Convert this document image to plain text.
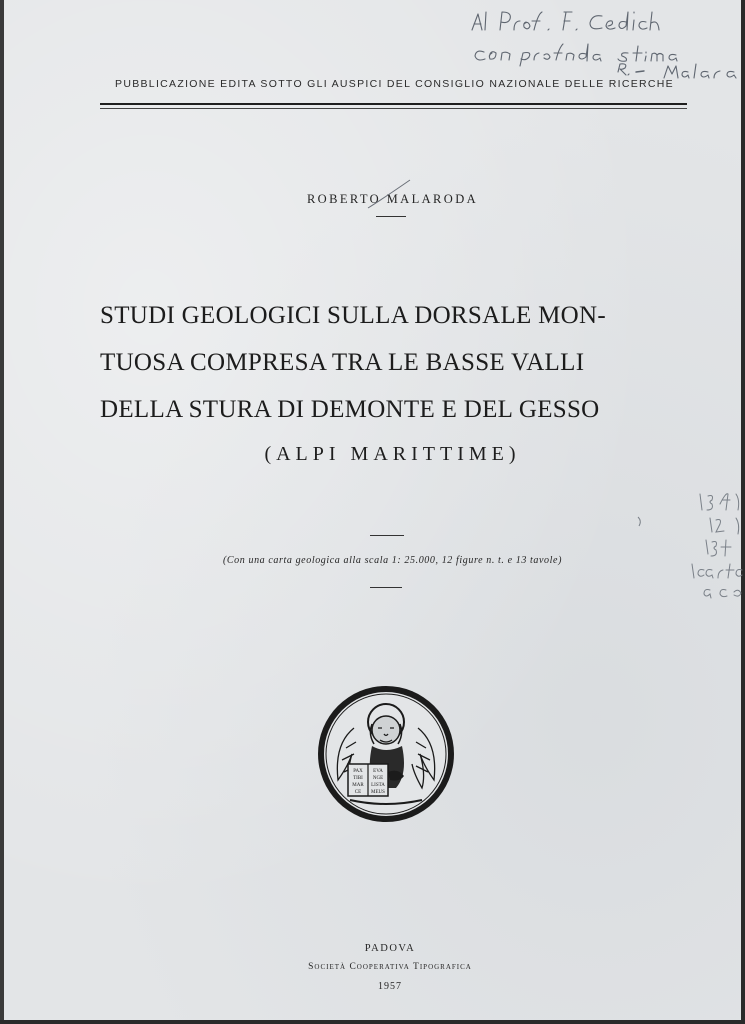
PUBBLICAZIONE EDITA SOTTO GLI AUSPICI DEL CONSIGLIO NAZIONALE DELLE RICERCHE
ROBERTO MALARODA
STUDI GEOLOGICI SULLA DORSALE MON-
TUOSA COMPRESA TRA LE BASSE VALLI
DELLA STURA DI DEMONTE E DEL GESSO
(ALPI MARITTIME)
(Con una carta geologica alla scala 1: 25.000, 12 figure n. t. e 13 tavole)
PAX
TIBI
MAR
CE
EVA
NGE
LISTA
MEUS
PADOVA
Società Cooperativa Tipografica
1957
